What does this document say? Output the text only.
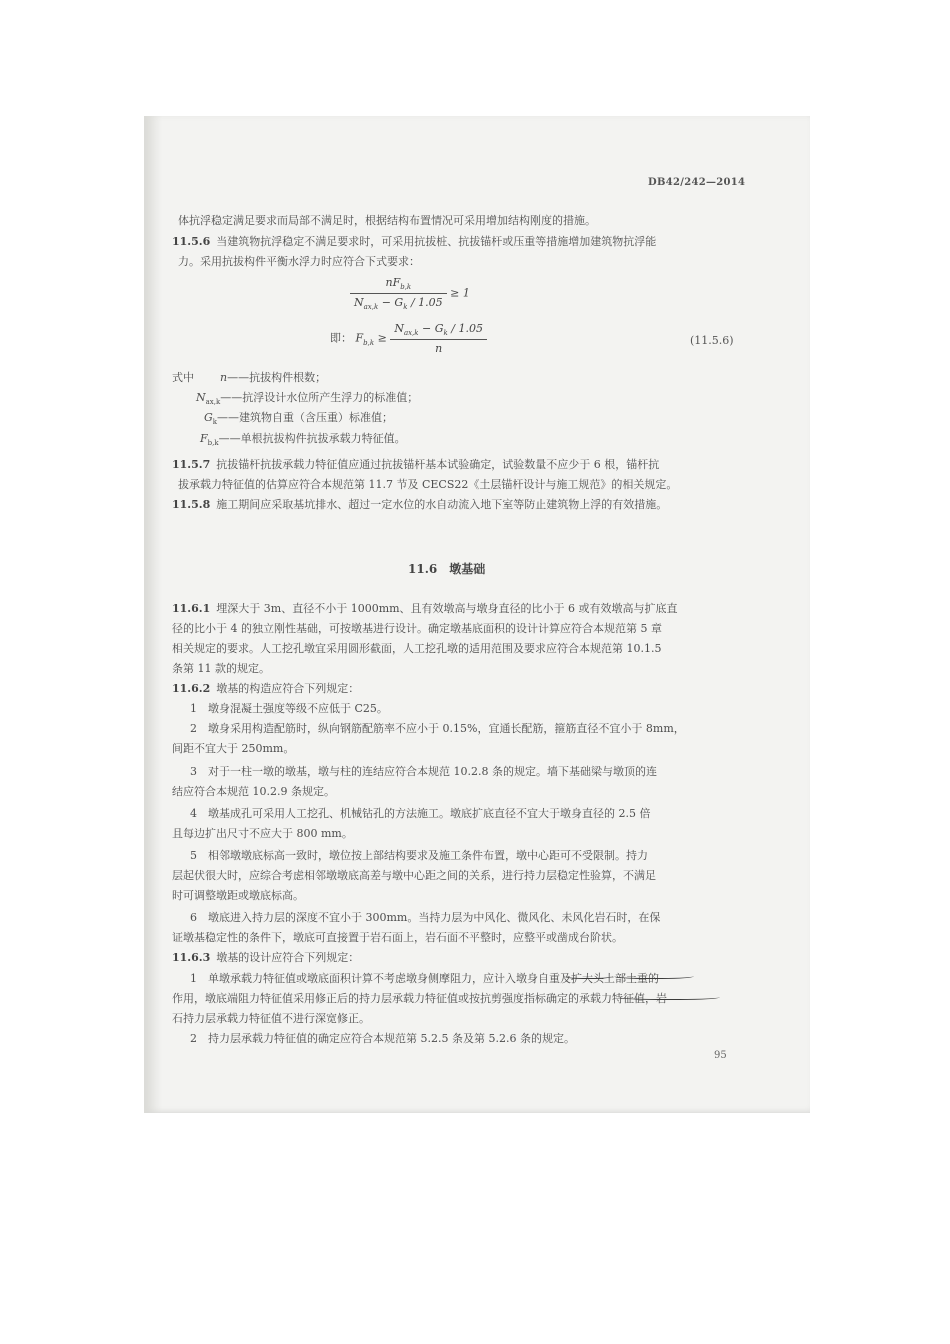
DB42/242—2014
体抗浮稳定满足要求而局部不满足时，根据结构布置情况可采用增加结构刚度的措施。
11.5.6 当建筑物抗浮稳定不满足要求时，可采用抗拔桩、抗拔锚杆或压重等措施增加建筑物抗浮能
力。采用抗拔构件平衡水浮力时应符合下式要求：
$\frac{nF_{b,k}}{N_{ax,k} - G_k / 1.05} \ge 1$
即： $F_{b,k} \ge \frac{N_{ax,k} - G_k / 1.05}{n}$	(11.5.6)
式中 n——抗拔构件根数；
$N_{ax,k}——$抗浮设计水位所产生浮力的标准值；
$G_k——$建筑物自重（含压重）标准值；
$F_{b,k}——$单根抗拔构件抗拔承载力特征值。
11.5.7 抗拔锚杆抗拔承载力特征值应通过抗拔锚杆基本试验确定，试验数量不应少于 6 根，锚杆抗
拔承载力特征值的估算应符合本规范第 11.7 节及 CECS22《土层锚杆设计与施工规范》的相关规定。
11.5.8 施工期间应采取基坑排水、超过一定水位的水自动流入地下室等防止建筑物上浮的有效措施。
11.6　墩基础
11.6.1 埋深大于 3m、直径不小于 1000mm、且有效墩高与墩身直径的比小于 6 或有效墩高与扩底直
径的比小于 4 的独立刚性基础，可按墩基进行设计。确定墩基底面积的设计计算应符合本规范第 5 章
相关规定的要求。人工挖孔墩宜采用圆形截面，人工挖孔墩的适用范围及要求应符合本规范第 10.1.5
条第 11 款的规定。
11.6.2 墩基的构造应符合下列规定：
1　墩身混凝土强度等级不应低于 C25。
2　墩身采用构造配筋时，纵向钢筋配筋率不应小于 0.15%，宜通长配筋，箍筋直径不宜小于 8mm，
间距不宜大于 250mm。
3　对于一柱一墩的墩基，墩与柱的连结应符合本规范 10.2.8 条的规定。墙下基础梁与墩顶的连
结应符合本规范 10.2.9 条规定。
4　墩基成孔可采用人工挖孔、机械钻孔的方法施工。墩底扩底直径不宜大于墩身直径的 2.5 倍
且每边扩出尺寸不应大于 800 mm。
5　相邻墩墩底标高一致时，墩位按上部结构要求及施工条件布置，墩中心距可不受限制。持力
层起伏很大时，应综合考虑相邻墩墩底高差与墩中心距之间的关系，进行持力层稳定性验算，不满足
时可调整墩距或墩底标高。
6　墩底进入持力层的深度不宜小于 300mm。当持力层为中风化、微风化、未风化岩石时，在保
证墩基稳定性的条件下，墩底可直接置于岩石面上，岩石面不平整时，应整平或凿成台阶状。
11.6.3 墩基的设计应符合下列规定：
1　单墩承载力特征值或墩底面积计算不考虑墩身侧摩阻力，应计入墩身自重及扩大头上部土重的
作用，墩底端阻力特征值采用修正后的持力层承载力特征值或按抗剪强度指标确定的承载力特征值，岩
石持力层承载力特征值不进行深宽修正。
2　持力层承载力特征值的确定应符合本规范第 5.2.5 条及第 5.2.6 条的规定。
95
